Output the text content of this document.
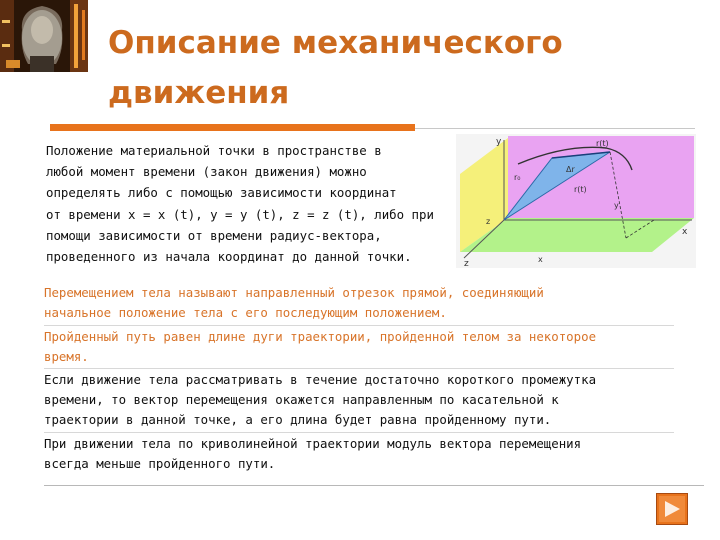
Описание механического
движения
Положение материальной точки в пространстве в
любой момент времени (закон движения) можно
определять либо с помощью зависимости координат
от времени x = x (t), y = y (t), z = z (t), либо при
помощи зависимости от времени радиус-вектора,
проведенного из начала координат до данной точки.
y
x
z
r(t)
Δr
r₀
r(t)
y
z
x
Перемещением тела называют направленный отрезок прямой, соединяющий
начальное положение тела с его последующим положением.
Пройденный путь равен длине дуги траектории, пройденной телом за некоторое
время.
Если движение тела рассматривать в течение достаточно короткого промежутка
времени, то вектор перемещения окажется направленным по касательной к
траектории в данной точке, а его длина будет равна пройденному пути.
При движении тела по криволинейной траектории модуль вектора перемещения
всегда меньше пройденного пути.
